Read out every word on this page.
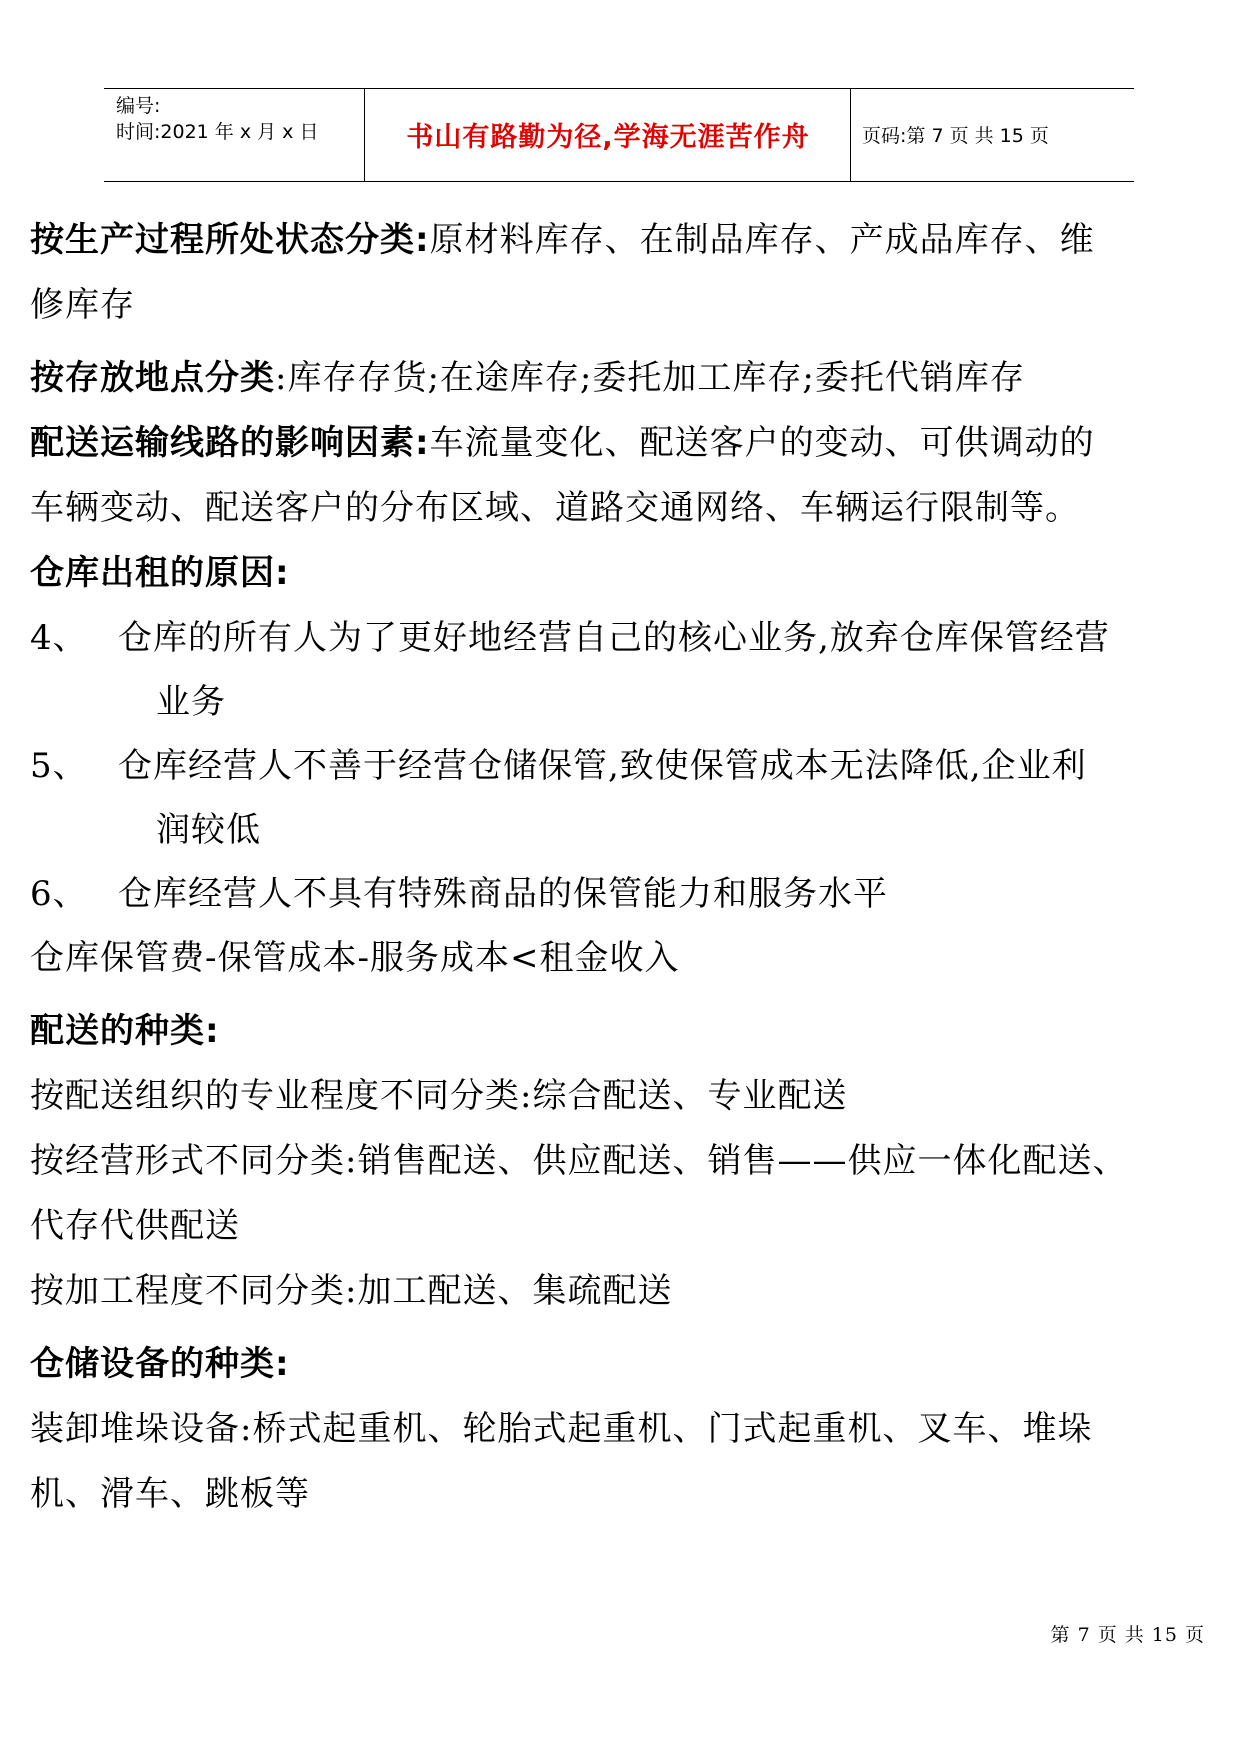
编号:
时间:2021 年 x 月 x 日	书山有路勤为径,学海无涯苦作舟	页码:第 7 页 共 15 页

按生产过程所处状态分类:原材料库存、在制品库存、产成品库存、维
修库存

按存放地点分类:库存存货;在途库存;委托加工库存;委托代销库存

配送运输线路的影响因素:车流量变化、配送客户的变动、可供调动的
车辆变动、配送客户的分布区域、道路交通网络、车辆运行限制等。

仓库出租的原因:

4、 仓库的所有人为了更好地经营自己的核心业务,放弃仓库保管经营
业务
5、 仓库经营人不善于经营仓储保管,致使保管成本无法降低,企业利
润较低
6、 仓库经营人不具有特殊商品的保管能力和服务水平

仓库保管费-保管成本-服务成本<租金收入

配送的种类:

按配送组织的专业程度不同分类:综合配送、专业配送

按经营形式不同分类:销售配送、供应配送、销售——供应一体化配送、

代存代供配送

按加工程度不同分类:加工配送、集疏配送

仓储设备的种类:

装卸堆垛设备:桥式起重机、轮胎式起重机、门式起重机、叉车、堆垛

机、滑车、跳板等

第 7 页 共 15 页
